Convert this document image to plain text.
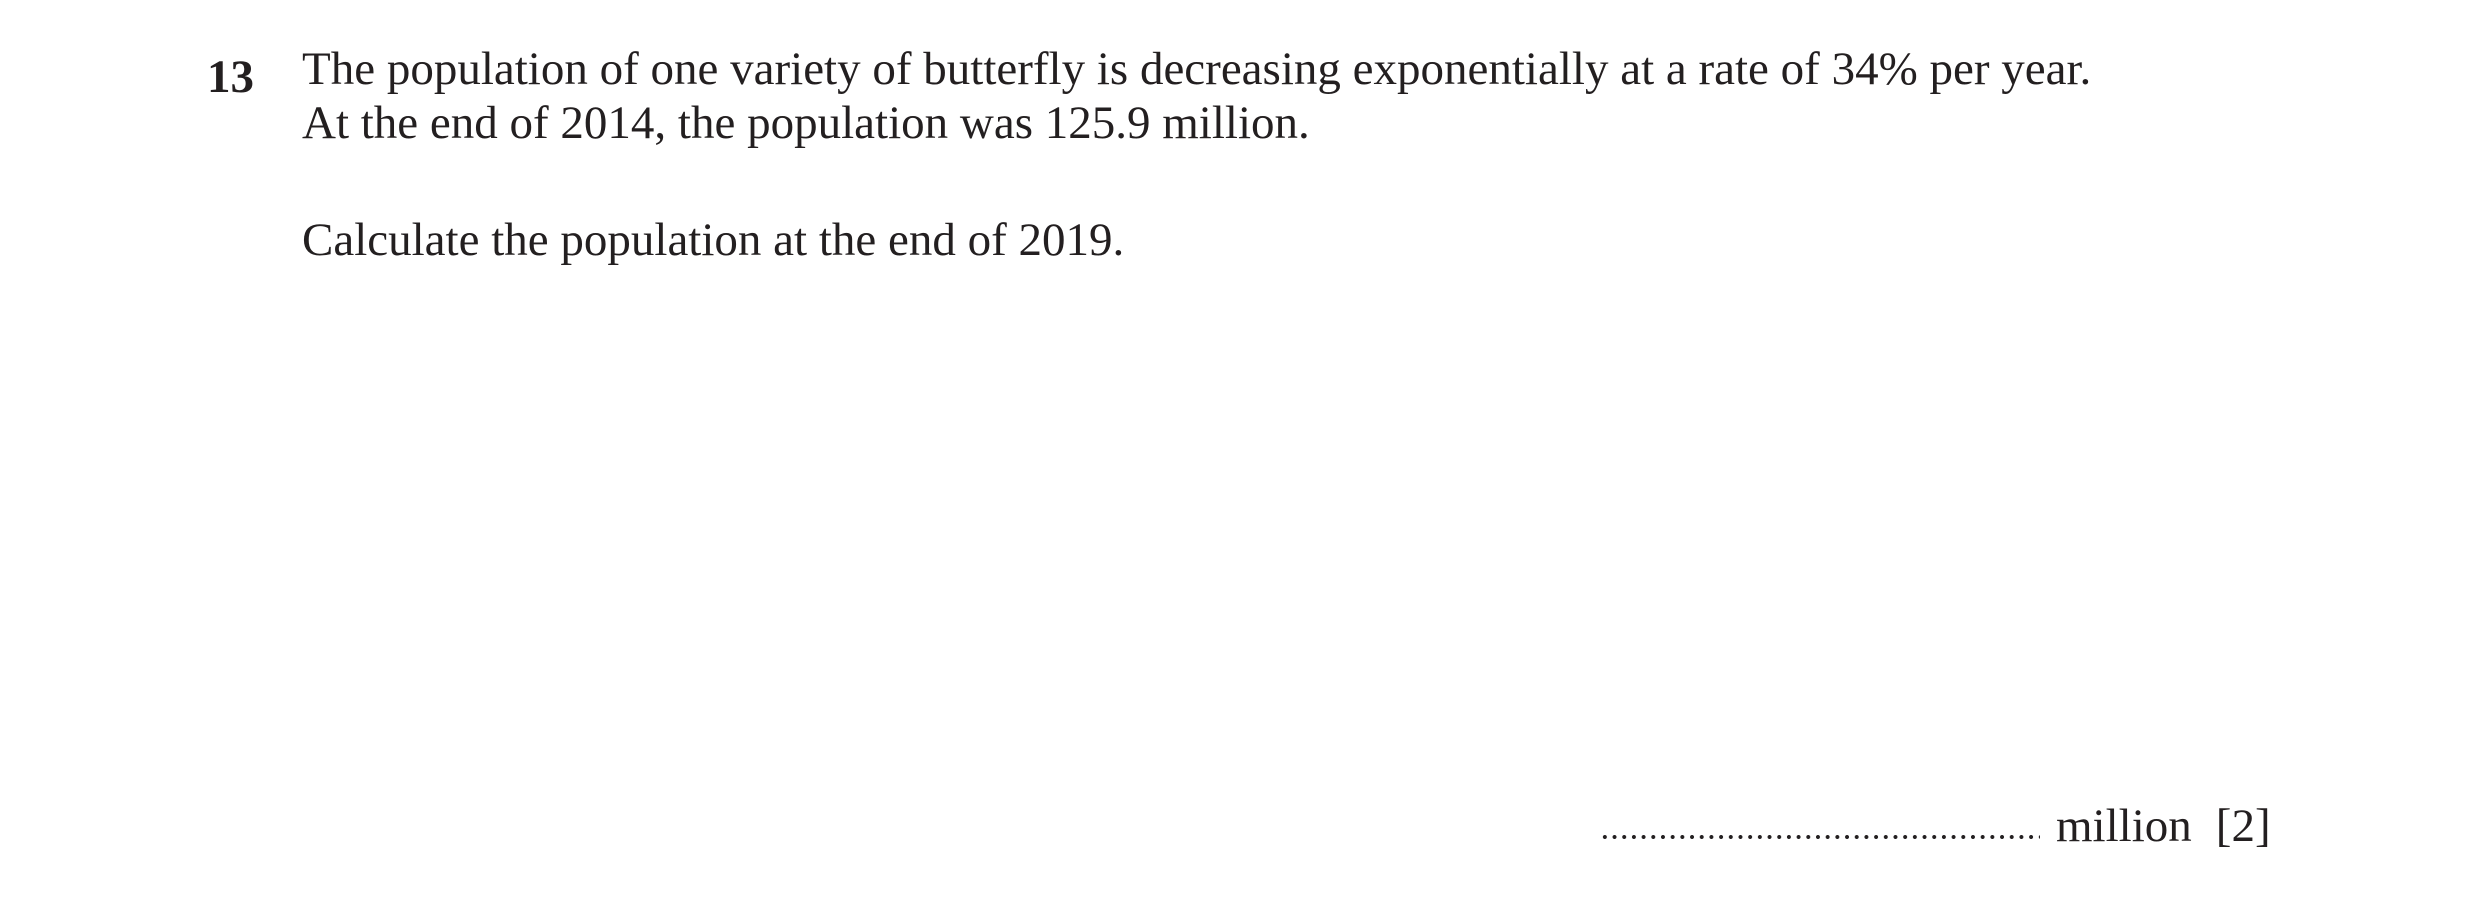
13 The population of one variety of butterfly is decreasing exponentially at a rate of 34% per year.
At the end of 2014, the population was 125.9 million.
Calculate the population at the end of 2019.
million [2]
